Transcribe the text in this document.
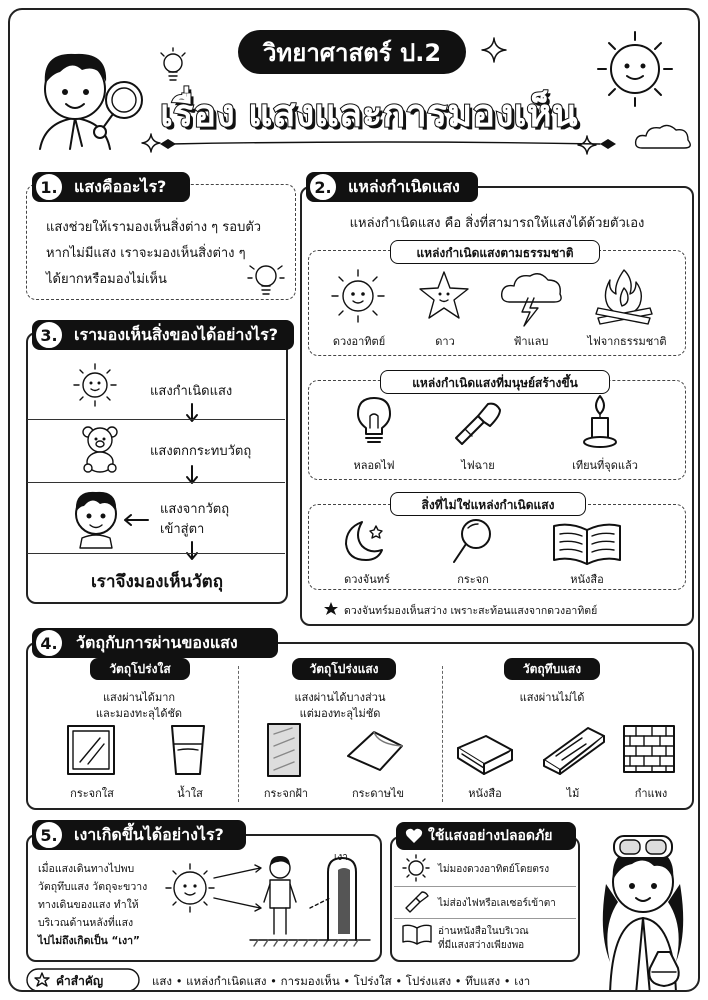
วิทยาศาสตร์ ป.2
เรื่อง แสงและการมองเห็น
แสงคืออะไร?
1.
แสงช่วยให้เรามองเห็นสิ่งต่าง ๆ รอบตัว
หากไม่มีแสง เราจะมองเห็นสิ่งต่าง ๆ
ได้ยากหรือมองไม่เห็น
เรามองเห็นสิ่งของได้อย่างไร?
3.
แสงกำเนิดแสง
แสงตกกระทบวัตถุ
แสงจากวัตถุ
เข้าสู่ตา
เราจึงมองเห็นวัตถุ
แหล่งกำเนิดแสง
2.
แหล่งกำเนิดแสง คือ สิ่งที่สามารถให้แสงได้ด้วยตัวเอง
แหล่งกำเนิดแสงตามธรรมชาติ
ดวงอาทิตย์	ดาว	ฟ้าแลบ	ไฟจากธรรมชาติ
แหล่งกำเนิดแสงที่มนุษย์สร้างขึ้น
หลอดไฟ	ไฟฉาย	เทียนที่จุดแล้ว
สิ่งที่ไม่ใช่แหล่งกำเนิดแสง
ดวงจันทร์	กระจก	หนังสือ
ดวงจันทร์มองเห็นสว่าง เพราะสะท้อนแสงจากดวงอาทิตย์
วัตถุกับการผ่านของแสง
4.
วัตถุโปร่งใส
แสงผ่านได้มาก
และมองทะลุได้ชัด
กระจกใส	น้ำใส
วัตถุโปร่งแสง
แสงผ่านได้บางส่วน
แต่มองทะลุไม่ชัด
กระจกฝ้า	กระดาษไข
วัตถุทึบแสง
แสงผ่านไม่ได้
หนังสือ	ไม้	กำแพง
เงาเกิดขึ้นได้อย่างไร?
5.
เมื่อแสงเดินทางไปพบ
วัตถุทึบแสง วัตถุจะขวาง
ทางเดินของแสง ทำให้
บริเวณด้านหลังที่แสง
ไปไม่ถึงเกิดเป็น “เงา”
เงา
ใช้แสงอย่างปลอดภัย
ไม่มองดวงอาทิตย์โดยตรง
ไม่ส่องไฟหรือเลเซอร์เข้าตา
อ่านหนังสือในบริเวณ
ที่มีแสงสว่างเพียงพอ
คำสำคัญ	แสง • แหล่งกำเนิดแสง • การมองเห็น • โปร่งใส • โปร่งแสง • ทึบแสง • เงา
